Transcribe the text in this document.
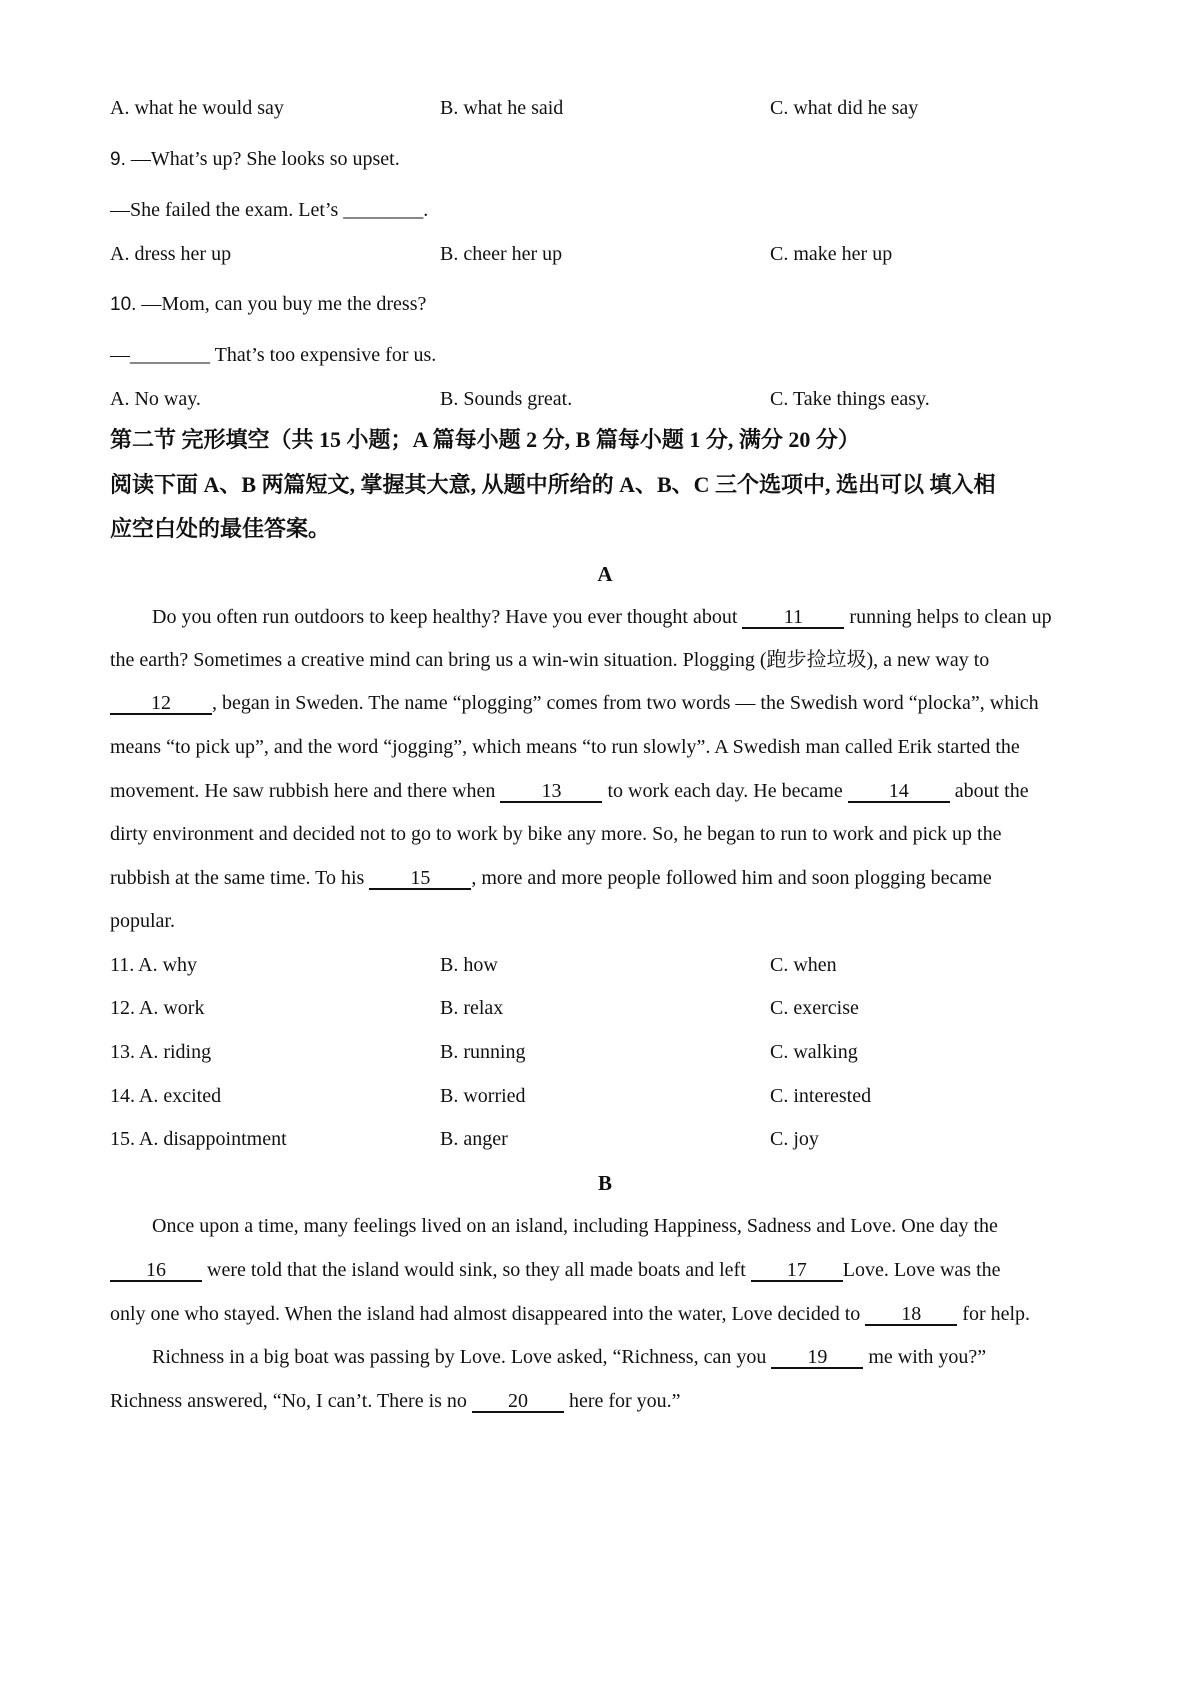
A. what he would say	B. what he said	C. what did he say
9. —What’s up? She looks so upset.
—She failed the exam. Let’s ________.
A. dress her up	B. cheer her up	C. make her up
10. —Mom, can you buy me the dress?
—________ That’s too expensive for us.
A. No way.	B. Sounds great.	C. Take things easy.
第二节 完形填空（共 15 小题；A 篇每小题 2 分, B 篇每小题 1 分, 满分 20 分）
阅读下面 A、B 两篇短文, 掌握其大意, 从题中所给的 A、B、C 三个选项中, 选出可以 填入相
应空白处的最佳答案。
A
Do you often run outdoors to keep healthy? Have you ever thought about 11 running helps to clean up
the earth? Sometimes a creative mind can bring us a win-win situation. Plogging (跑步捡垃圾), a new way to
12 , began in Sweden. The name “plogging” comes from two words — the Swedish word “plocka”, which
means “to pick up”, and the word “jogging”, which means “to run slowly”. A Swedish man called Erik started the
movement. He saw rubbish here and there when 13 to work each day. He became 14 about the
dirty environment and decided not to go to work by bike any more. So, he began to run to work and pick up the
rubbish at the same time. To his 15 , more and more people followed him and soon plogging became
popular.
11. A. why	B. how	C. when
12. A. work	B. relax	C. exercise
13. A. riding	B. running	C. walking
14. A. excited	B. worried	C. interested
15. A. disappointment	B. anger	C. joy
B
Once upon a time, many feelings lived on an island, including Happiness, Sadness and Love. One day the
16 were told that the island would sink, so they all made boats and left 17 Love. Love was the
only one who stayed. When the island had almost disappeared into the water, Love decided to 18 for help.
Richness in a big boat was passing by Love. Love asked, “Richness, can you 19 me with you?”
Richness answered, “No, I can’t. There is no 20 here for you.”
